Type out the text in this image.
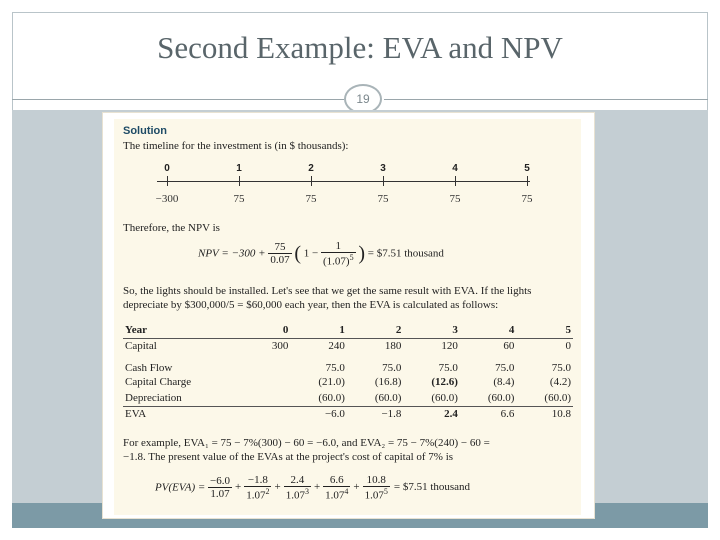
Second Example: EVA and NPV
19
Solution
The timeline for the investment is (in $ thousands):
0
−300
1
75
2
75
3
75
4
75
5
75
Therefore, the NPV is
NPV = $-300 + \frac{75}{0.07}$ ( $1 - \frac{1}{(1.07)^5}$ ) = $7.51 thousand
So, the lights should be installed. Let's see that we get the same result with EVA. If the lights
depreciate by $300,000/5 = $60,000 each year, then the EVA is calculated as follows:
Year	0	1	2	3	4	5
Capital	300	240	180	120	60	0
Cash Flow		75.0	75.0	75.0	75.0	75.0
Capital Charge		(21.0)	(16.8)	(12.6)	(8.4)	(4.2)
Depreciation		(60.0)	(60.0)	(60.0)	(60.0)	(60.0)
EVA		−6.0	−1.8	2.4	6.6	10.8
For example, EVA₁ = 75 − 7%(300) − 60 = −6.0, and EVA₂ = 75 − 7%(240) − 60 =
−1.8. The present value of the EVAs at the project's cost of capital of 7% is
$PV(EVA) = \frac{-6.0}{1.07} + \frac{-1.8}{1.07^2} + \frac{2.4}{1.07^3} + \frac{6.6}{1.07^4} + \frac{10.8}{1.07^5}$ = $7.51 thousand
